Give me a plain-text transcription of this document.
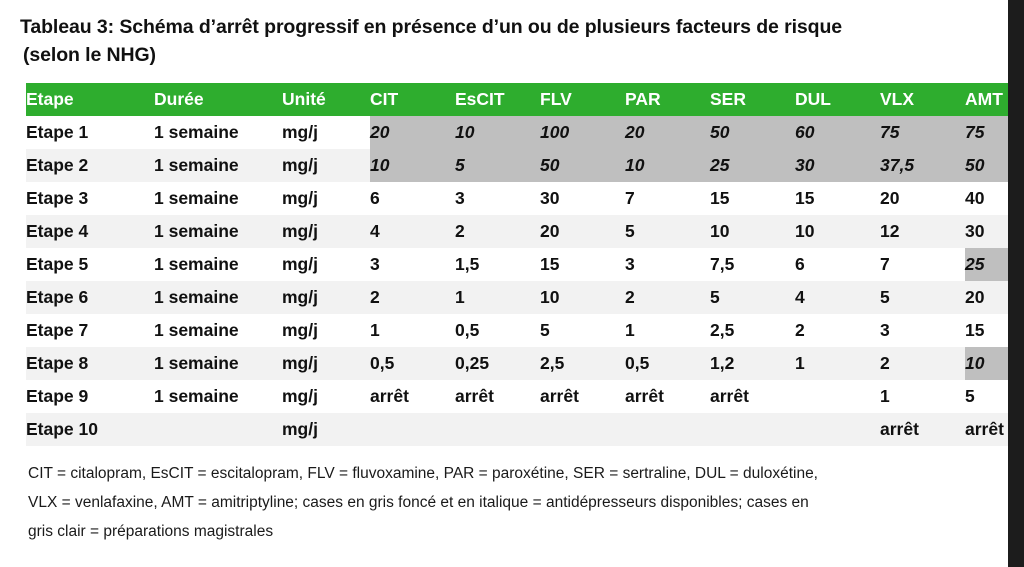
Tableau 3: Schéma d’arrêt progressif en présence d’un ou de plusieurs facteurs de risque
(selon le NHG)
Etape	Durée	Unité	CIT	EsCIT	FLV	PAR	SER	DUL	VLX	AMT
Etape 1	1 semaine	mg/j	20	10	100	20	50	60	75	75
Etape 2	1 semaine	mg/j	10	5	50	10	25	30	37,5	50
Etape 3	1 semaine	mg/j	6	3	30	7	15	15	20	40
Etape 4	1 semaine	mg/j	4	2	20	5	10	10	12	30
Etape 5	1 semaine	mg/j	3	1,5	15	3	7,5	6	7	25
Etape 6	1 semaine	mg/j	2	1	10	2	5	4	5	20
Etape 7	1 semaine	mg/j	1	0,5	5	1	2,5	2	3	15
Etape 8	1 semaine	mg/j	0,5	0,25	2,5	0,5	1,2	1	2	10
Etape 9	1 semaine	mg/j	arrêt	arrêt	arrêt	arrêt	arrêt		1	5
Etape 10		mg/j							arrêt	arrêt

CIT = citalopram, EsCIT = escitalopram, FLV = fluvoxamine, PAR = paroxétine, SER = sertraline, DUL = duloxétine,

VLX = venlafaxine, AMT = amitriptyline; cases en gris foncé et en italique = antidépresseurs disponibles; cases en

gris clair = préparations magistrales
